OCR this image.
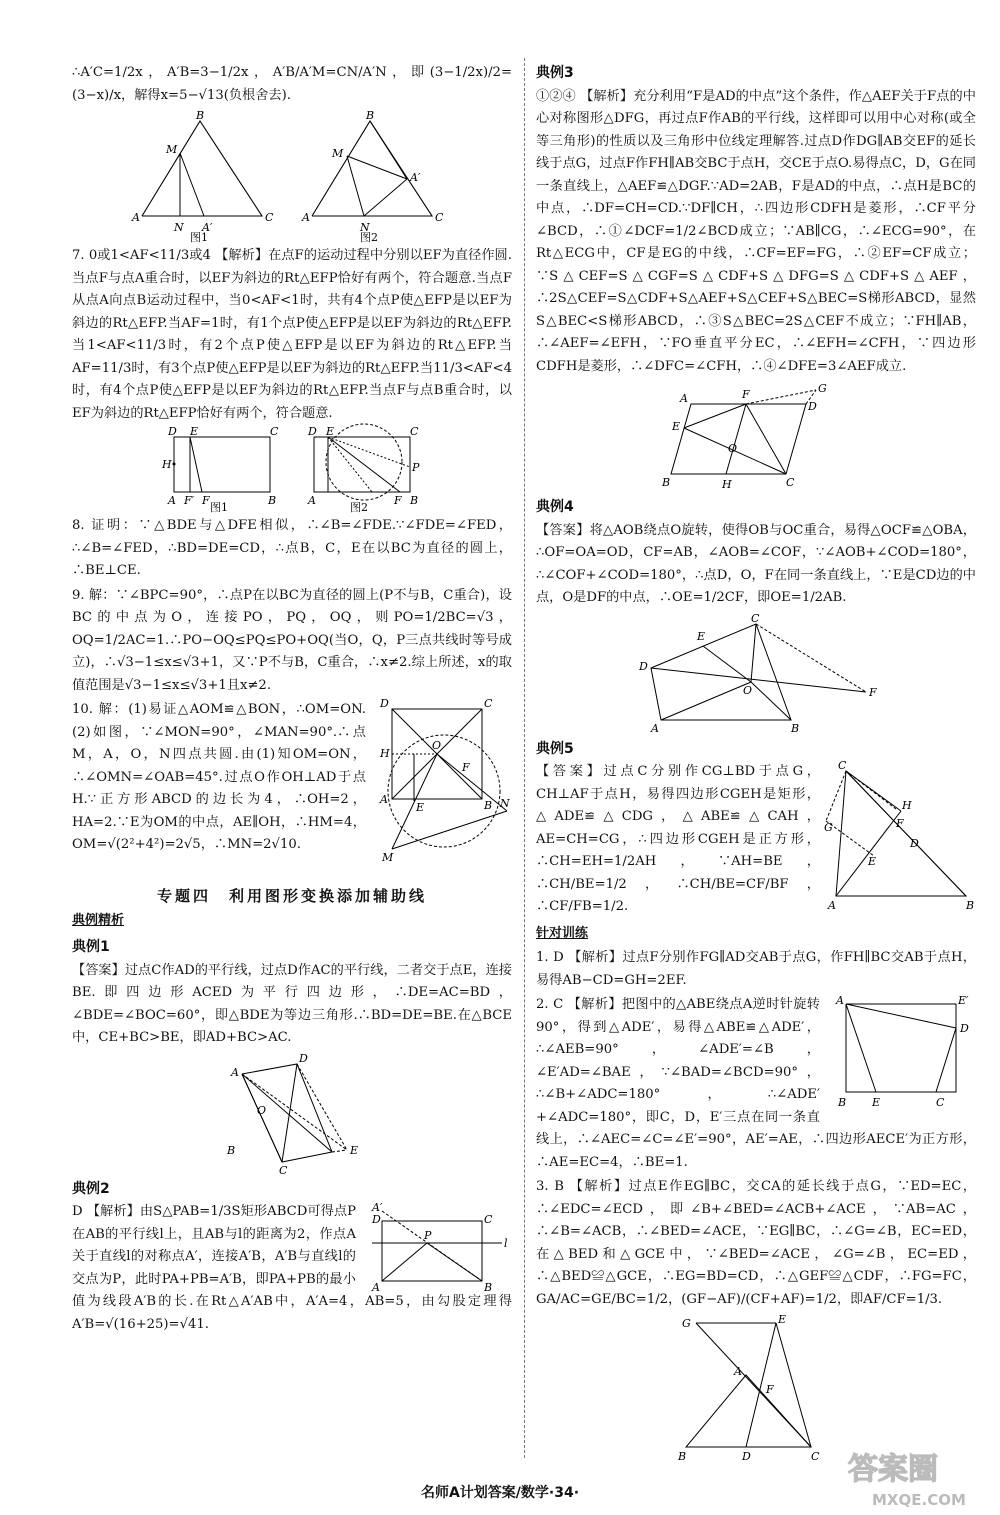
∴A′C=1/2x，A′B=3−1/2x，A′B/A′M=CN/A′N，即(3−1/2x)/2=(3−x)/x，解得x=5−√13(负根舍去).

B
M
A
N A′
C
图1
B
M
A′
A
N
C
图2

7. 0或1<AF<11/3或4 【解析】在点F的运动过程中分别以EF为直径作圆.当点F与点A重合时，以EF为斜边的Rt△EFP恰好有两个，符合题意.当点F从点A向点B运动过程中，当0<AF<1时，共有4个点P使△EFP是以EF为斜边的Rt△EFP.当AF=1时，有1个点P使△EFP是以EF为斜边的Rt△EFP.当1<AF<11/3时，有2个点P使△EFP是以EF为斜边的Rt△EFP.当AF=11/3时，有3个点P使△EFP是以EF为斜边的Rt△EFP.当11/3<AF<4时，有4个点P使△EFP是以EF为斜边的Rt△EFP.当点F与点B重合时，以EF为斜边的Rt△EFP恰好有两个，符合题意.

D E	C
H
A F′ F	B
图1
D E	C
P
A	F B
图2

8. 证明：∵△BDE与△DFE相似，∴∠B=∠FDE.∵∠FDE=∠FED，∴∠B=∠FED，∴BD=DE=CD，∴点B，C，E在以BC为直径的圆上，∴BE⊥CE.

9. 解：∵∠BPC=90°，∴点P在以BC为直径的圆上(P不与B，C重合)，设BC的中点为O，连接PO，PQ，OQ，则PO=1/2BC=√3，OQ=1/2AC=1.∴PO−OQ≤PQ≤PO+OQ(当O，Q，P三点共线时等号成立)，∴√3−1≤x≤√3+1，又∵P不与B，C重合，∴x≠2.综上所述，x的取值范围是√3−1≤x≤√3+1且x≠2.

D	C
O
H
F
A
E	B N
M

10. 解：(1)易证△AOM≌△BON，∴OM=ON.(2)如图，∵∠MON=90°，∠MAN=90°.∴点M，A，O，N四点共圆.由(1)知OM=ON，∴∠OMN=∠OAB=45°.过点O作OH⊥AD于点H.∵正方形ABCD的边长为4，∴OH=2，HA=2.∵E为OM的中点，AE∥OH，∴HM=4，OM=√(2²+4²)=2√5，∴MN=2√10.

专题四　利用图形变换添加辅助线
典例精析
典例1

【答案】过点C作AD的平行线，过点D作AC的平行线，二者交于点E，连接BE.即四边形ACED为平行四边形，∴DE=AC=BD，∠BDE=∠BOC=60°，即△BDE为等边三角形.∴BD=DE=BE.在△BCE中，CE+BC>BE，即AD+BC>AC.

A
D
O
B
C
E
典例2
A′
D
P
C
l
A	B

D 【解析】由S△PAB=1/3S矩形ABCD可得点P在AB的平行线l上，且AB与l的距离为2，作点A关于直线l的对称点A′，连接A′B，A′B与直线l的交点为P，此时PA+PB=A′B，即PA+PB的最小值为线段A′B的长.在Rt△A′AB中，A′A=4，AB=5，由勾股定理得A′B=√(16+25)=√41.

典例3

①②④ 【解析】充分利用“F是AD的中点”这个条件，作△AEF关于F点的中心对称图形△DFG，再过点F作AB的平行线，这样即可以用中心对称(或全等三角形)的性质以及三角形中位线定理解答.过点D作DG∥AB交EF的延长线于点G，过点F作FH∥AB交BC于点H，交CE于点O.易得点C，D，G在同一条直线上，△AEF≌△DGF.∵AD=2AB，F是AD的中点，∴点H是BC的中点，∴DF=CH=CD.∵DF∥CH，∴四边形CDFH是菱形，∴CF平分∠BCD，∴①∠DCF=1/2∠BCD成立；∵AB∥CG，∴∠ECG=90°，在Rt△ECG中，CF是EG的中线，∴CF=EF=FG，∴②EF=CF成立；∵S△CEF=S△CGF=S△CDF+S△DFG=S△CDF+S△AEF，∴2S△CEF=S△CDF+S△AEF+S△CEF+S△BEC=S梯形ABCD，显然S△BEC<S梯形ABCD，∴③S△BEC=2S△CEF不成立；∵FH∥AB，∴∠AEF=∠EFH，∵FO垂直平分EC，∴∠EFH=∠CFH，∵四边形CDFH是菱形，∴∠DFC=∠CFH，∴④∠DFE=3∠AEF成立.

F	G
A
D
E
O
B	H	C
典例4

【答案】将△AOB绕点O旋转，使得OB与OC重合，易得△OCF≌△OBA，∴OF=OA=OD，CF=AB，∠AOB=∠COF，∵∠AOB+∠COD=180°，∴∠COF+∠COD=180°，∴点D，O，F在同一条直线上，∵E是CD边的中点，O是DF的中点，∴OE=1/2CF，即OE=1/2AB.

C
E
D
O	F
A	B
典例5
C
H
F
G
D
E
A	B

【答案】过点C分别作CG⊥BD于点G，CH⊥AF于点H，易得四边形CGEH是矩形，△ADE≌△CDG，△ABE≌△CAH，AE=CH=CG，∴四边形CGEH是正方形，∴CH=EH=1/2AH，∵AH=BE，∴CH/BE=1/2，∴CH/BE=CF/BF，∴CF/FB=1/2.

针对训练

1. D 【解析】过点F分别作FG∥AD交AB于点G，作FH∥BC交AB于点H，易得AB−CD=GH=2EF.

A	E′
D
B E	C

2. C 【解析】把图中的△ABE绕点A逆时针旋转90°，得到△ADE′，易得△ABE≌△ADE′，∴∠AEB=90°，∠ADE′=∠B，∠E′AD=∠BAE，∵∠BAD=∠BCD=90°，∴∠B+∠ADC=180°，∴∠ADE′+∠ADC=180°，即C，D，E′三点在同一条直线上，∴∠AEC=∠C=∠E′=90°，AE′=AE，∴四边形AECE′为正方形，∴AE=EC=4，∴BE=1.

3. B 【解析】过点E作EG∥BC，交CA的延长线于点G，∵ED=EC，∴∠EDC=∠ECD，即∠B+∠BED=∠ACB+∠ACE，∵AB=AC，∴∠B=∠ACB，∴∠BED=∠ACE，∵EG∥BC，∴∠G=∠B，EC=ED，在△BED和△GCE中，∵∠BED=∠ACE，∠G=∠B，EC=ED，∴△BED≌△GCE，∴EG=BD=CD，∴△GEF≌△CDF，∴FG=FC，GA/AC=GE/BC=1/2，(GF−AF)/(CF+AF)=1/2，即AF/CF=1/3.

G	E
A
F
B	D	C
名师A计划答案/数学·34·
答案圈
MXQE.COM
